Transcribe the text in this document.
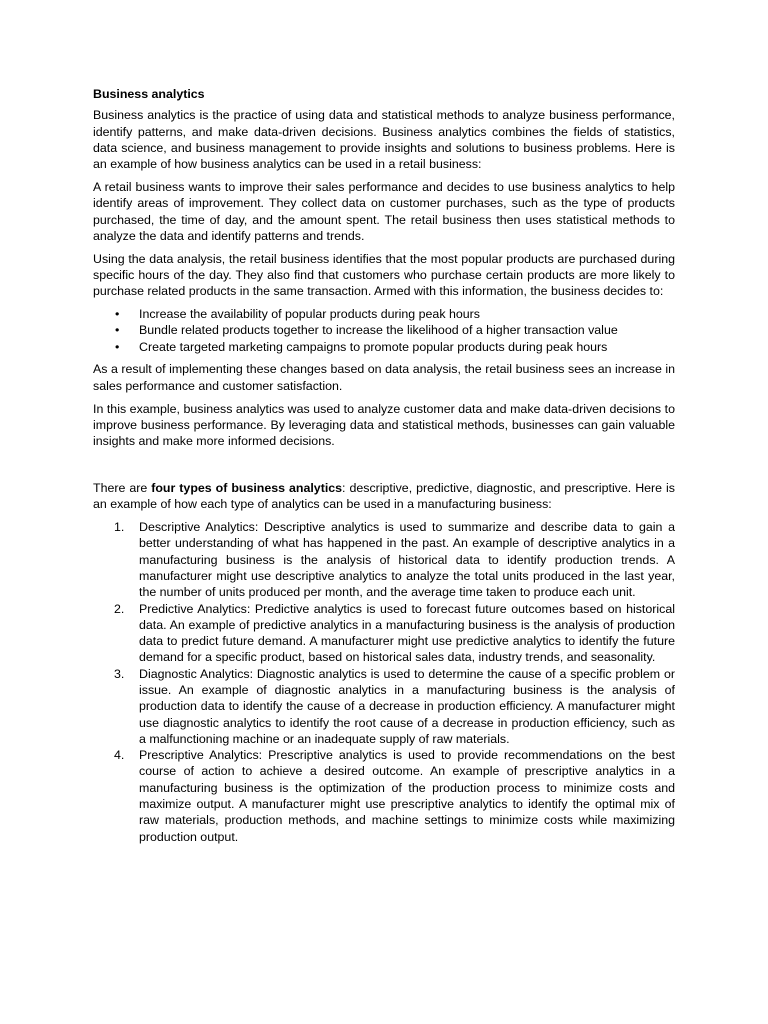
Business analytics

Business analytics is the practice of using data and statistical methods to analyze business performance, identify patterns, and make data-driven decisions. Business analytics combines the fields of statistics, data science, and business management to provide insights and solutions to business problems. Here is an example of how business analytics can be used in a retail business:

A retail business wants to improve their sales performance and decides to use business analytics to help identify areas of improvement. They collect data on customer purchases, such as the type of products purchased, the time of day, and the amount spent. The retail business then uses statistical methods to analyze the data and identify patterns and trends.

Using the data analysis, the retail business identifies that the most popular products are purchased during specific hours of the day. They also find that customers who purchase certain products are more likely to purchase related products in the same transaction. Armed with this information, the business decides to:

• Increase the availability of popular products during peak hours
• Bundle related products together to increase the likelihood of a higher transaction value
• Create targeted marketing campaigns to promote popular products during peak hours

As a result of implementing these changes based on data analysis, the retail business sees an increase in sales performance and customer satisfaction.

In this example, business analytics was used to analyze customer data and make data-driven decisions to improve business performance. By leveraging data and statistical methods, businesses can gain valuable insights and make more informed decisions.

There are four types of business analytics: descriptive, predictive, diagnostic, and prescriptive. Here is an example of how each type of analytics can be used in a manufacturing business:

1. Descriptive Analytics: Descriptive analytics is used to summarize and describe data to gain a better understanding of what has happened in the past. An example of descriptive analytics in a manufacturing business is the analysis of historical data to identify production trends. A manufacturer might use descriptive analytics to analyze the total units produced in the last year, the number of units produced per month, and the average time taken to produce each unit.
2. Predictive Analytics: Predictive analytics is used to forecast future outcomes based on historical data. An example of predictive analytics in a manufacturing business is the analysis of production data to predict future demand. A manufacturer might use predictive analytics to identify the future demand for a specific product, based on historical sales data, industry trends, and seasonality.
3. Diagnostic Analytics: Diagnostic analytics is used to determine the cause of a specific problem or issue. An example of diagnostic analytics in a manufacturing business is the analysis of production data to identify the cause of a decrease in production efficiency. A manufacturer might use diagnostic analytics to identify the root cause of a decrease in production efficiency, such as a malfunctioning machine or an inadequate supply of raw materials.
4. Prescriptive Analytics: Prescriptive analytics is used to provide recommendations on the best course of action to achieve a desired outcome. An example of prescriptive analytics in a manufacturing business is the optimization of the production process to minimize costs and maximize output. A manufacturer might use prescriptive analytics to identify the optimal mix of raw materials, production methods, and machine settings to minimize costs while maximizing production output.
